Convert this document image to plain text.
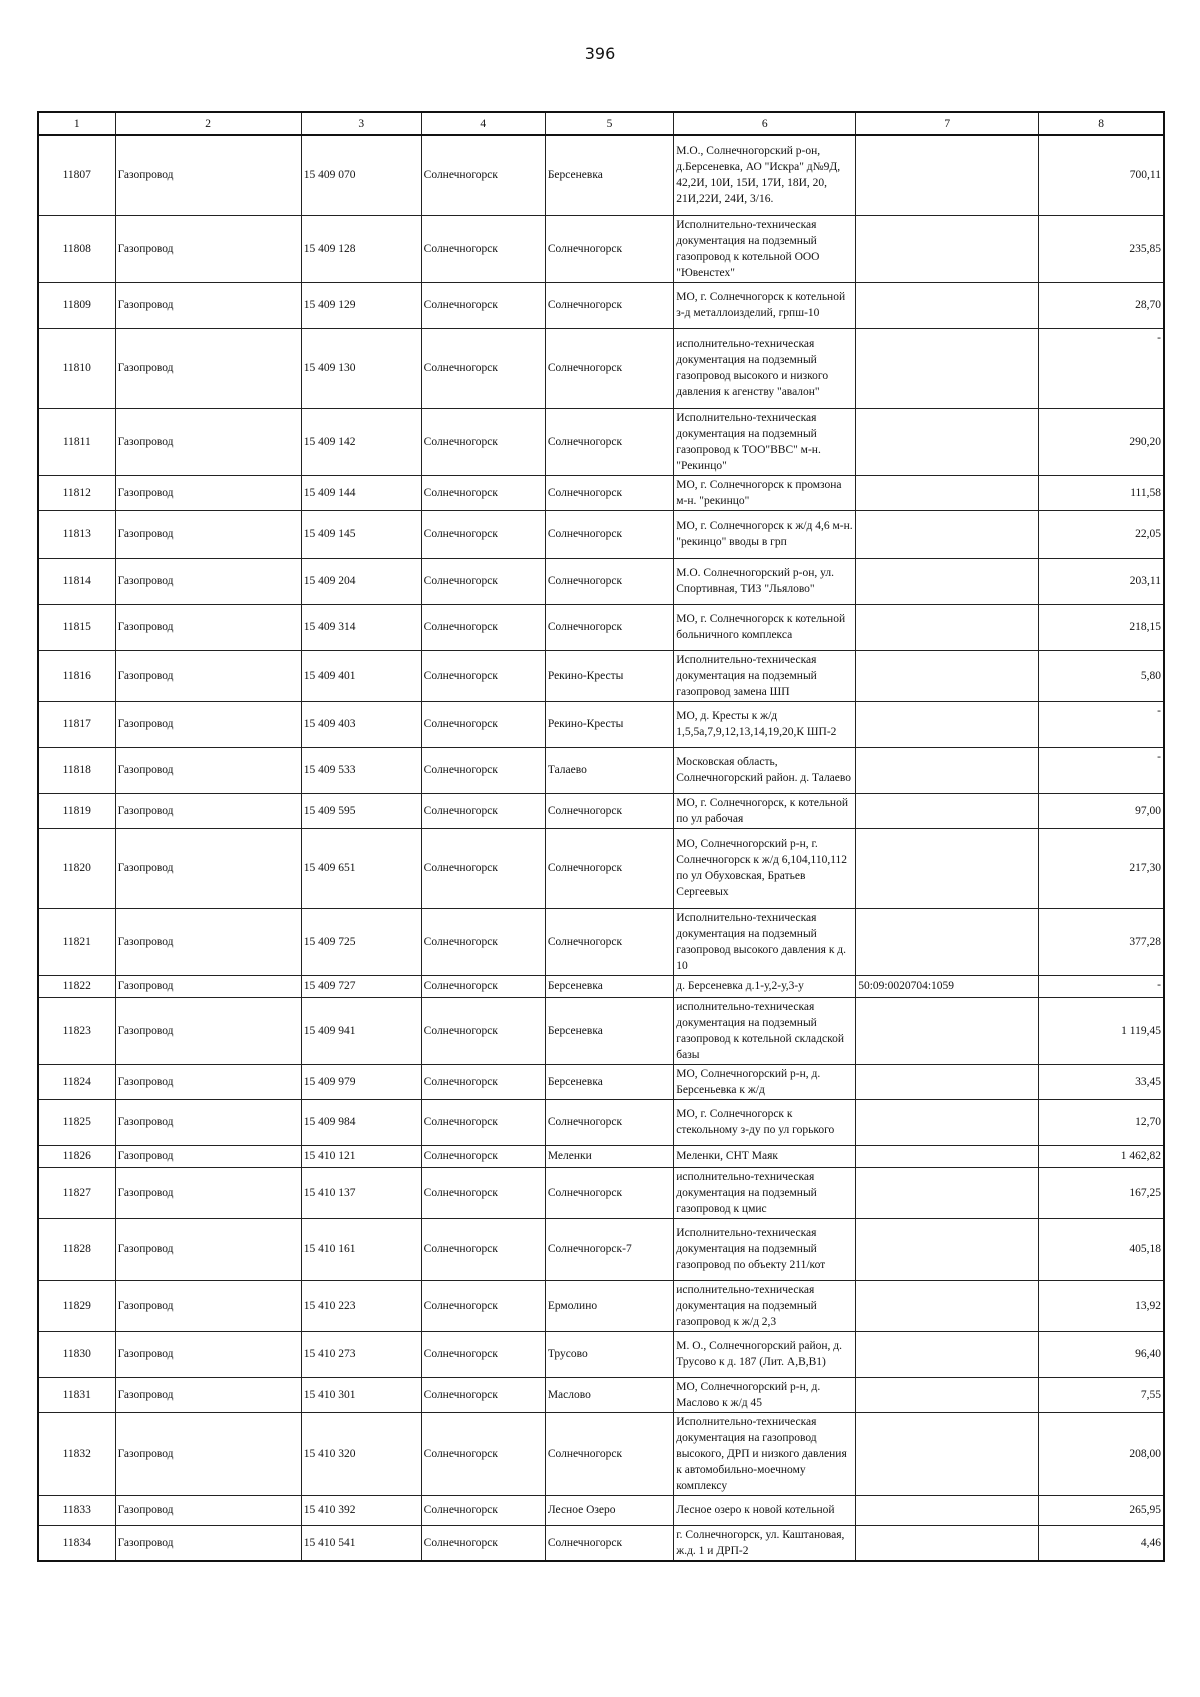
396
1	2	3	4	5	6	7	8
11807	Газопровод	15 409 070	Солнечногорск	Берсеневка	М.О., Солнечногорский р-он, д.Берсеневка, АО "Искра" д№9Д, 42,2И, 10И, 15И, 17И, 18И, 20, 21И,22И, 24И, 3/16.		700,11
11808	Газопровод	15 409 128	Солнечногорск	Солнечногорск	Исполнительно-техническая документация на подземный газопровод к котельной ООО "Ювенстех"		235,85
11809	Газопровод	15 409 129	Солнечногорск	Солнечногорск	МО, г. Солнечногорск к котельной з-д металлоизделий, грпш-10		28,70
11810	Газопровод	15 409 130	Солнечногорск	Солнечногорск	исполнительно-техническая документация на подземный газопровод высокого и низкого давления к агенству "авалон"		-
11811	Газопровод	15 409 142	Солнечногорск	Солнечногорск	Исполнительно-техническая документация на подземный газопровод к ТОО"ВВС" м-н. "Рекинцо"		290,20
11812	Газопровод	15 409 144	Солнечногорск	Солнечногорск	МО, г. Солнечногорск к промзона м-н. "рекинцо"		111,58
11813	Газопровод	15 409 145	Солнечногорск	Солнечногорск	МО, г. Солнечногорск к ж/д 4,6 м-н. "рекинцо" вводы в грп		22,05
11814	Газопровод	15 409 204	Солнечногорск	Солнечногорск	М.О. Солнечногорский р-он, ул. Спортивная, ТИЗ "Льялово"		203,11
11815	Газопровод	15 409 314	Солнечногорск	Солнечногорск	МО, г. Солнечногорск к котельной больничного комплекса		218,15
11816	Газопровод	15 409 401	Солнечногорск	Рекино-Кресты	Исполнительно-техническая документация на подземный газопровод замена ШП		5,80
11817	Газопровод	15 409 403	Солнечногорск	Рекино-Кресты	МО, д. Кресты к ж/д 1,5,5а,7,9,12,13,14,19,20,К ШП-2		-
11818	Газопровод	15 409 533	Солнечногорск	Талаево	Московская область, Солнечногорский район. д. Талаево		-
11819	Газопровод	15 409 595	Солнечногорск	Солнечногорск	МО, г. Солнечногорск, к котельной по ул рабочая		97,00
11820	Газопровод	15 409 651	Солнечногорск	Солнечногорск	МО, Солнечногорский р-н, г. Солнечногорск к ж/д 6,104,110,112 по ул Обуховская, Братьев Сергеевых		217,30
11821	Газопровод	15 409 725	Солнечногорск	Солнечногорск	Исполнительно-техническая документация на подземный газопровод высокого давления к д. 10		377,28
11822	Газопровод	15 409 727	Солнечногорск	Берсеневка	д. Берсеневка д.1-у,2-у,3-у	50:09:0020704:1059	-
11823	Газопровод	15 409 941	Солнечногорск	Берсеневка	исполнительно-техническая документация на подземный газопровод к котельной складской базы		1 119,45
11824	Газопровод	15 409 979	Солнечногорск	Берсеневка	МО, Солнечногорский р-н, д. Берсеньевка к ж/д		33,45
11825	Газопровод	15 409 984	Солнечногорск	Солнечногорск	МО, г. Солнечногорск к стекольному з-ду по ул горького		12,70
11826	Газопровод	15 410 121	Солнечногорск	Меленки	Меленки, СНТ Маяк		1 462,82
11827	Газопровод	15 410 137	Солнечногорск	Солнечногорск	исполнительно-техническая документация на подземный газопровод к цмис		167,25
11828	Газопровод	15 410 161	Солнечногорск	Солнечногорск-7	Исполнительно-техническая документация на подземный газопровод по объекту 211/кот		405,18
11829	Газопровод	15 410 223	Солнечногорск	Ермолино	исполнительно-техническая документация на подземный газопровод к ж/д 2,3		13,92
11830	Газопровод	15 410 273	Солнечногорск	Трусово	М. О., Солнечногорский район, д. Трусово к д. 187 (Лит. А,В,В1)		96,40
11831	Газопровод	15 410 301	Солнечногорск	Маслово	МО, Солнечногорский р-н, д. Маслово к ж/д 45		7,55
11832	Газопровод	15 410 320	Солнечногорск	Солнечногорск	Исполнительно-техническая документация на газопровод высокого, ДРП и низкого давления к автомобильно-моечному комплексу		208,00
11833	Газопровод	15 410 392	Солнечногорск	Лесное Озеро	Лесное озеро к новой котельной		265,95
11834	Газопровод	15 410 541	Солнечногорск	Солнечногорск	г. Солнечногорск, ул. Каштановая, ж.д. 1 и ДРП-2		4,46
